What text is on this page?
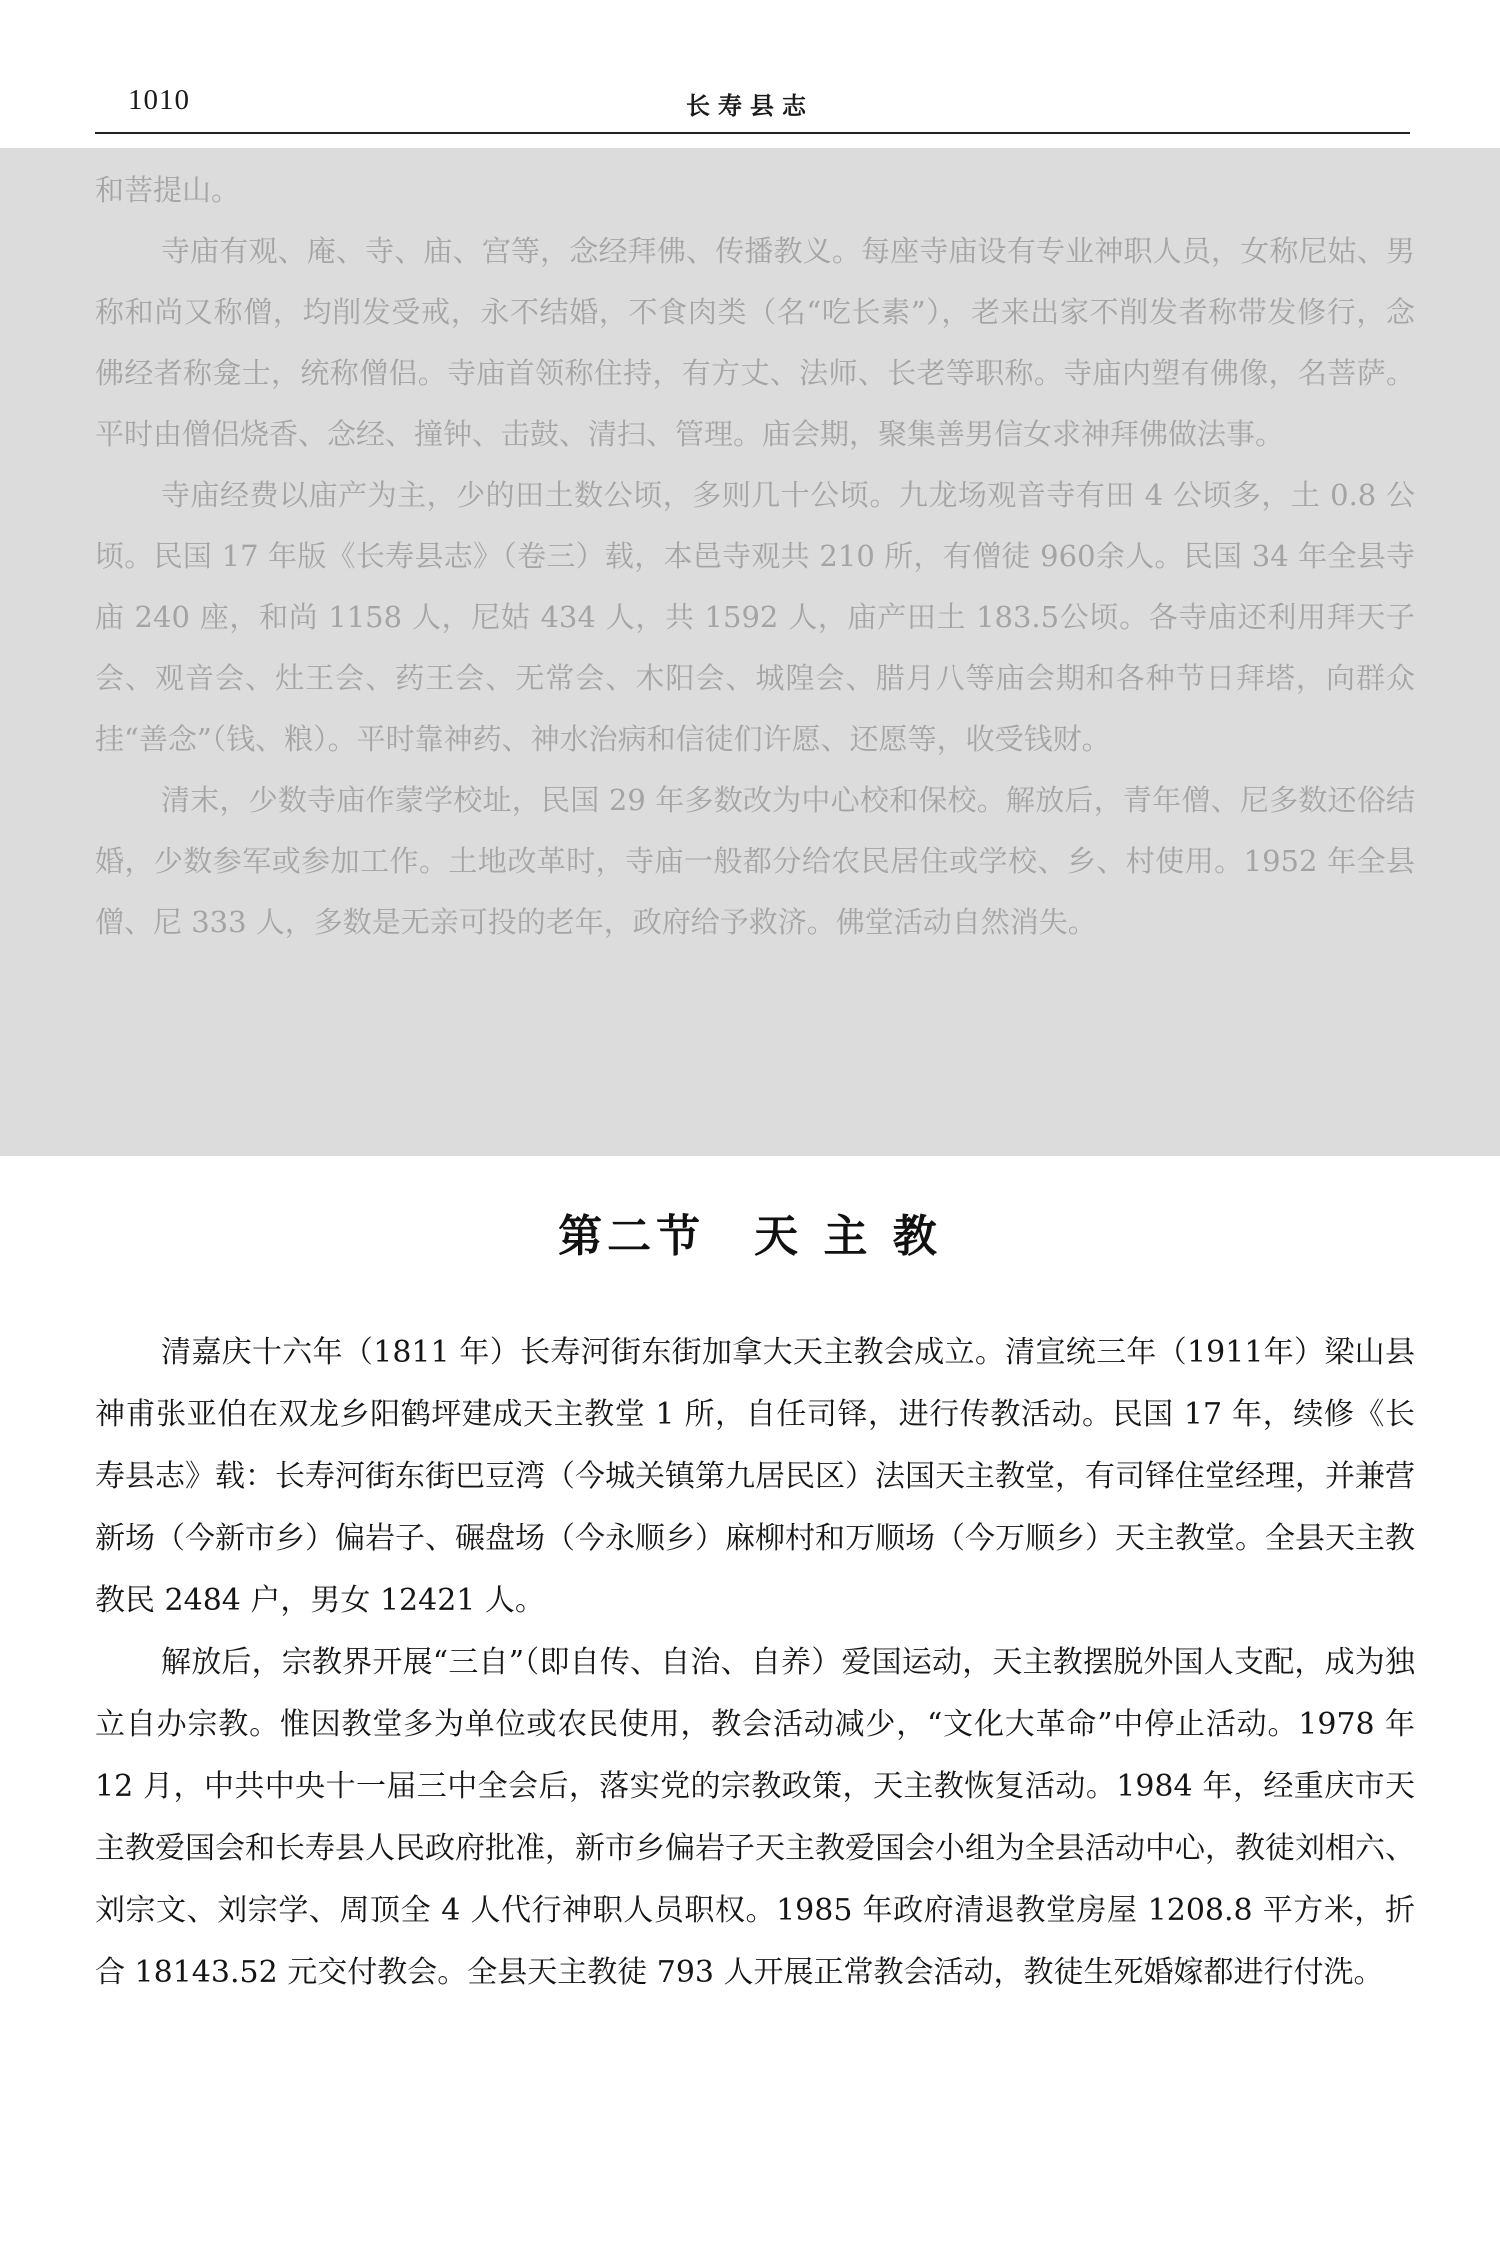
1010	长寿县志

和菩提山。

寺庙有观、庵、寺、庙、宫等，念经拜佛、传播教义。每座寺庙设有专业神职人员，女称尼姑、男称和尚又称僧，均削发受戒，永不结婚，不食肉类（名“吃长素”），老来出家不削发者称带发修行，念佛经者称龛士，统称僧侣。寺庙首领称住持，有方丈、法师、长老等职称。寺庙内塑有佛像，名菩萨。平时由僧侣烧香、念经、撞钟、击鼓、清扫、管理。庙会期，聚集善男信女求神拜佛做法事。

寺庙经费以庙产为主，少的田土数公顷，多则几十公顷。九龙场观音寺有田 4 公顷多，土 0.8 公顷。民国 17 年版《长寿县志》（卷三）载，本邑寺观共 210 所，有僧徒 960余人。民国 34 年全县寺庙 240 座，和尚 1158 人，尼姑 434 人，共 1592 人，庙产田土 183.5公顷。各寺庙还利用拜天子会、观音会、灶王会、药王会、无常会、木阳会、城隍会、腊月八等庙会期和各种节日拜塔，向群众挂“善念”（钱、粮）。平时靠神药、神水治病和信徒们许愿、还愿等，收受钱财。

清末，少数寺庙作蒙学校址，民国 29 年多数改为中心校和保校。解放后，青年僧、尼多数还俗结婚，少数参军或参加工作。土地改革时，寺庙一般都分给农民居住或学校、乡、村使用。1952 年全县僧、尼 333 人，多数是无亲可投的老年，政府给予救济。佛堂活动自然消失。

第二节　天 主 教

清嘉庆十六年（1811 年）长寿河街东街加拿大天主教会成立。清宣统三年（1911年）梁山县神甫张亚伯在双龙乡阳鹤坪建成天主教堂 1 所，自任司铎，进行传教活动。民国 17 年，续修《长寿县志》载：长寿河街东街巴豆湾（今城关镇第九居民区）法国天主教堂，有司铎住堂经理，并兼营新场（今新市乡）偏岩子、碾盘场（今永顺乡）麻柳村和万顺场（今万顺乡）天主教堂。全县天主教教民 2484 户，男女 12421 人。

解放后，宗教界开展“三自”（即自传、自治、自养）爱国运动，天主教摆脱外国人支配，成为独立自办宗教。惟因教堂多为单位或农民使用，教会活动减少，“文化大革命”中停止活动。1978 年 12 月，中共中央十一届三中全会后，落实党的宗教政策，天主教恢复活动。1984 年，经重庆市天主教爱国会和长寿县人民政府批准，新市乡偏岩子天主教爱国会小组为全县活动中心，教徒刘相六、刘宗文、刘宗学、周顶全 4 人代行神职人员职权。1985 年政府清退教堂房屋 1208.8 平方米，折合 18143.52 元交付教会。全县天主教徒 793 人开展正常教会活动，教徒生死婚嫁都进行付洗。
